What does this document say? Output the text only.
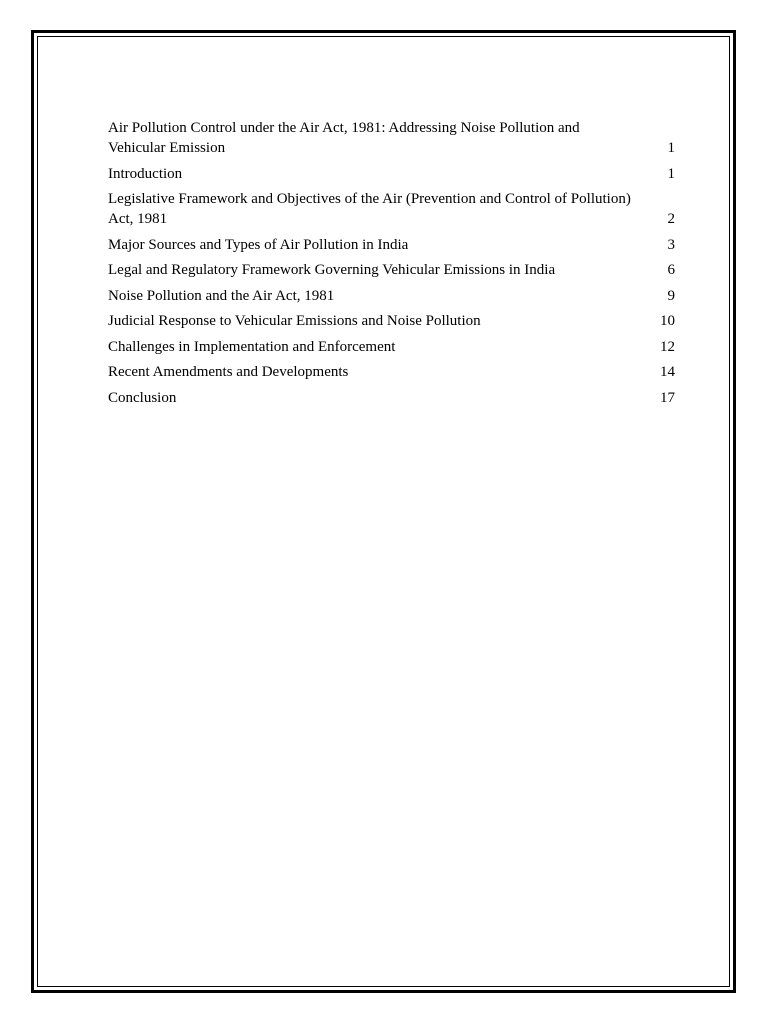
Air Pollution Control under the Air Act, 1981: Addressing Noise Pollution and Vehicular Emission	1
Introduction	1
Legislative Framework and Objectives of the Air (Prevention and Control of Pollution) Act, 1981	2
Major Sources and Types of Air Pollution in India	3
Legal and Regulatory Framework Governing Vehicular Emissions in India	6
Noise Pollution and the Air Act, 1981	9
Judicial Response to Vehicular Emissions and Noise Pollution	10
Challenges in Implementation and Enforcement	12
Recent Amendments and Developments	14
Conclusion	17
